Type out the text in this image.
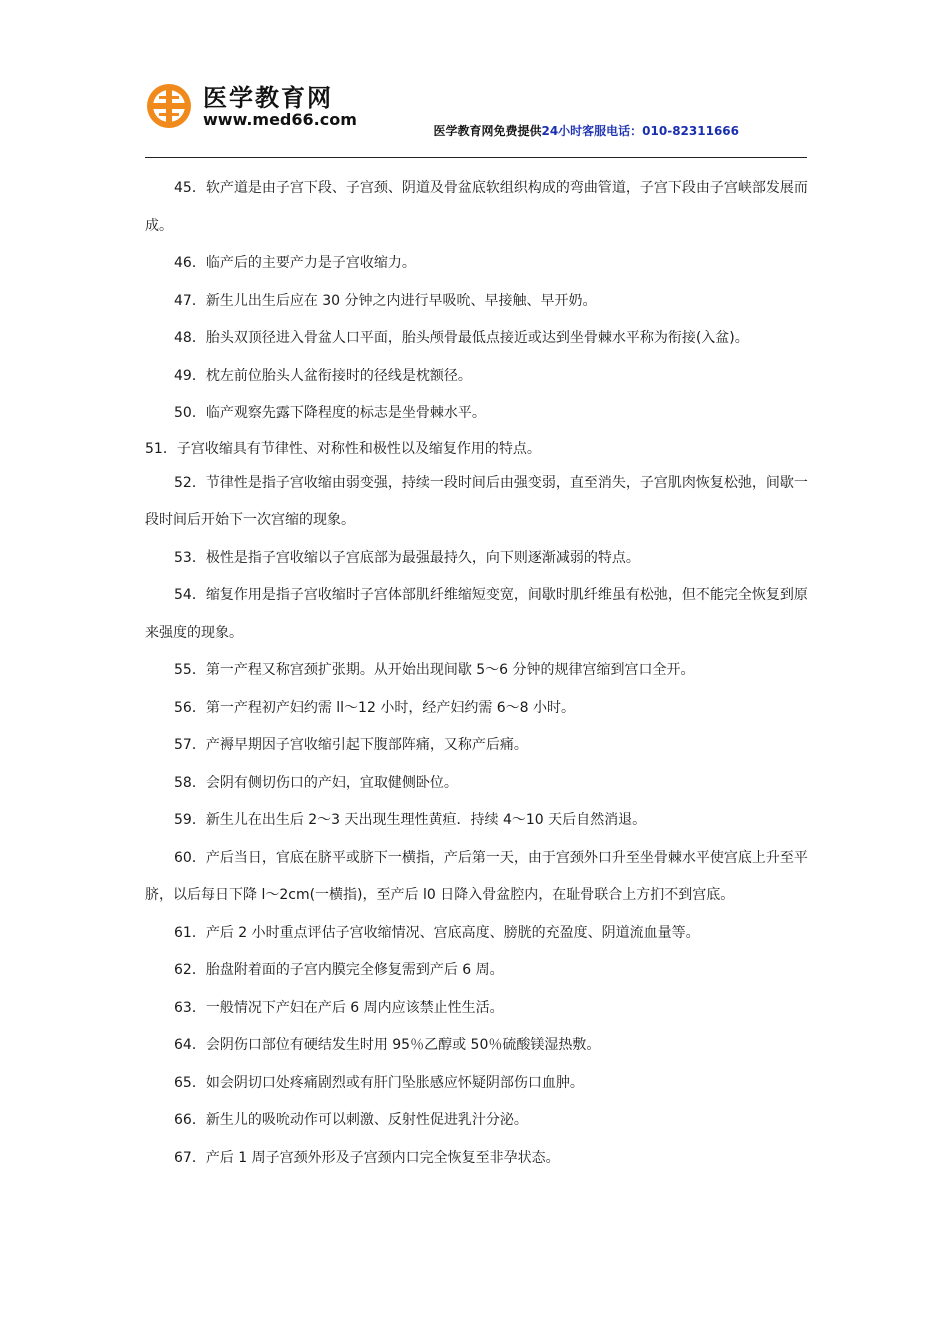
医学教育网
www.med66.com
医学教育网免费提供24小时客服电话：010-82311666

45．软产道是由子宫下段、子宫颈、阴道及骨盆底软组织构成的弯曲管道，子宫下段由子宫峡部发展而成。

46．临产后的主要产力是子宫收缩力。

47．新生儿出生后应在 30 分钟之内进行早吸吮、早接触、早开奶。

48．胎头双顶径进入骨盆人口平面，胎头颅骨最低点接近或达到坐骨棘水平称为衔接(入盆)。

49．枕左前位胎头人盆衔接时的径线是枕额径。

50．临产观察先露下降程度的标志是坐骨棘水平。

51．子宫收缩具有节律性、对称性和极性以及缩复作用的特点。

52．节律性是指子宫收缩由弱变强，持续一段时间后由强变弱，直至消失，子宫肌肉恢复松弛，间歇一段时间后开始下一次宫缩的现象。

53．极性是指子宫收缩以子宫底部为最强最持久，向下则逐渐减弱的特点。

54．缩复作用是指子宫收缩时子宫体部肌纤维缩短变宽，间歇时肌纤维虽有松弛，但不能完全恢复到原来强度的现象。

55．第一产程又称宫颈扩张期。从开始出现间歇 5～6 分钟的规律宫缩到宫口全开。

56．第一产程初产妇约需 ll～12 小时，经产妇约需 6～8 小时。

57．产褥早期因子宫收缩引起下腹部阵痛，又称产后痛。

58．会阴有侧切伤口的产妇，宜取健侧卧位。

59．新生儿在出生后 2～3 天出现生理性黄疸．持续 4～10 天后自然消退。

60．产后当日，官底在脐平或脐下一横指，产后第一天，由于宫颈外口升至坐骨棘水平使宫底上升至平脐，以后每日下降 l～2cm(一横指)，至产后 l0 日降入骨盆腔内，在耻骨联合上方扪不到宫底。

61．产后 2 小时重点评估子宫收缩情况、宫底高度、膀胱的充盈度、阴道流血量等。

62．胎盘附着面的子宫内膜完全修复需到产后 6 周。

63．一般情况下产妇在产后 6 周内应该禁止性生活。

64．会阴伤口部位有硬结发生时用 95％乙醇或 50％硫酸镁湿热敷。

65．如会阴切口处疼痛剧烈或有肝门坠胀感应怀疑阴部伤口血肿。

66．新生儿的吸吮动作可以刺激、反射性促进乳汁分泌。

67．产后 1 周子宫颈外形及子宫颈内口完全恢复至非孕状态。
